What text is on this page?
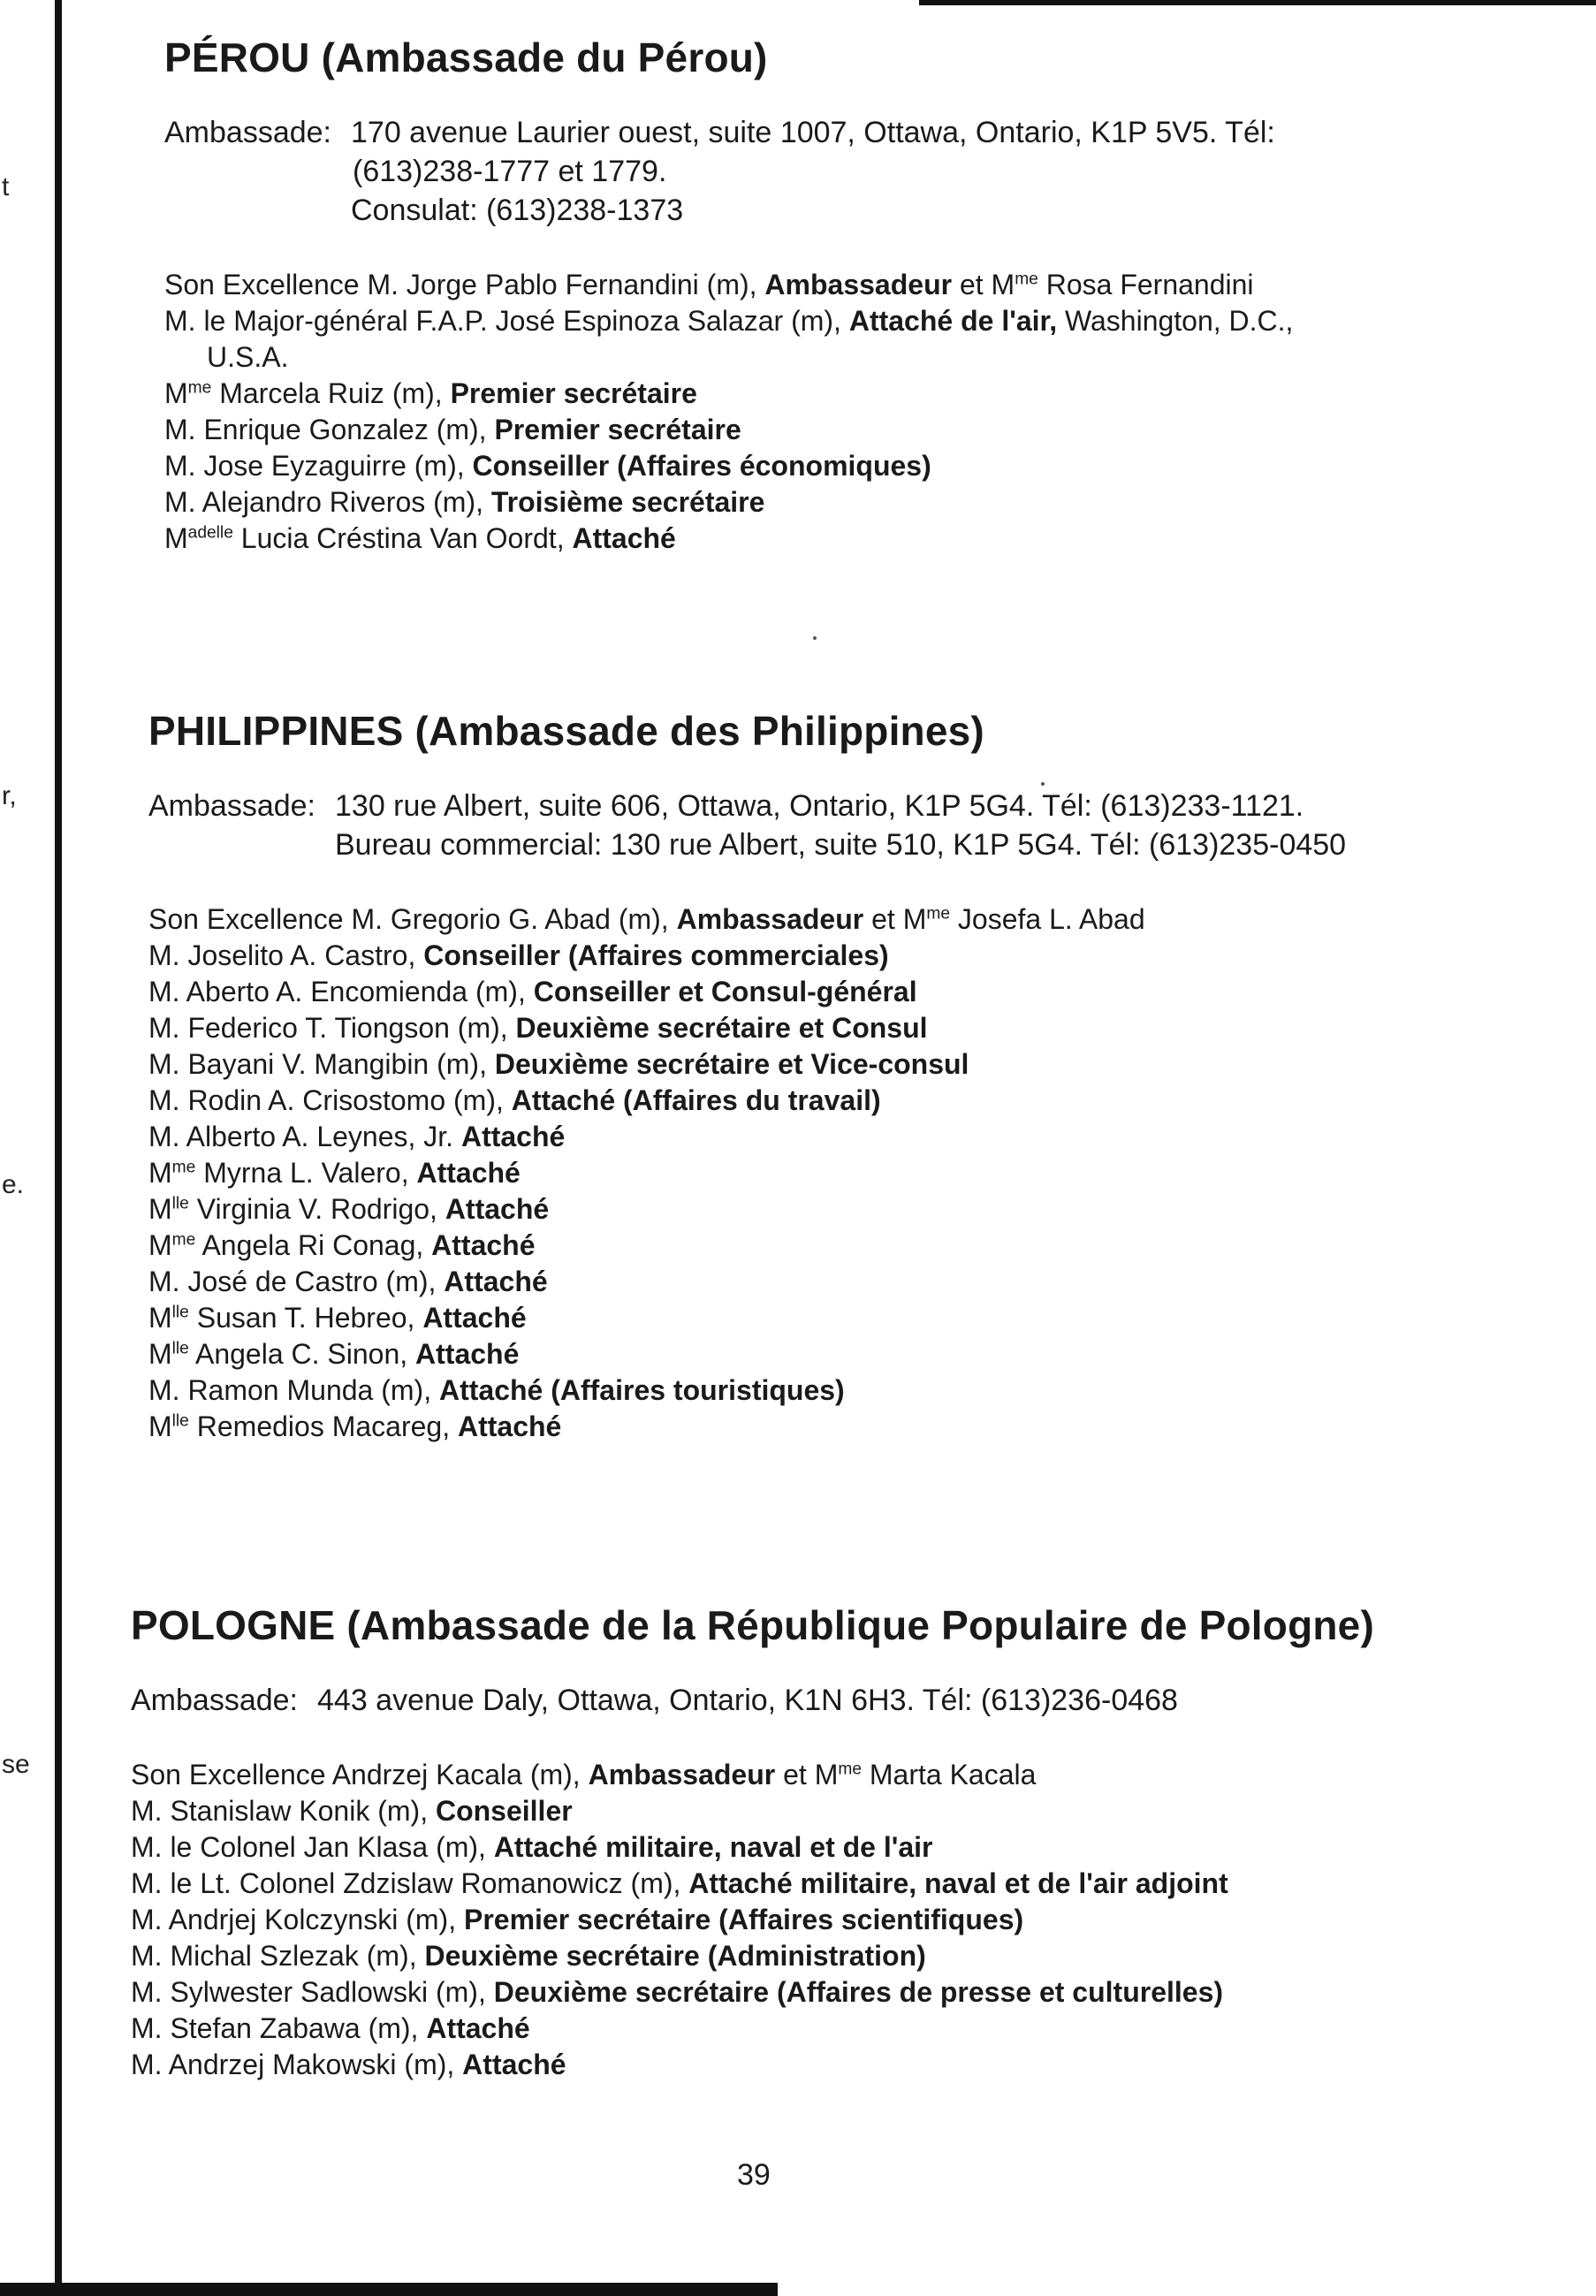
t
r,
e.
se
PÉROU (Ambassade du Pérou)
Ambassade: 170 avenue Laurier ouest, suite 1007, Ottawa, Ontario, K1P 5V5. Tél:
(613)238-1777 et 1779.
Consulat: (613)238-1373
Son Excellence M. Jorge Pablo Fernandini (m), Ambassadeur et $M^{me}$ Rosa Fernandini
M. le Major-général F.A.P. José Espinoza Salazar (m), Attaché de l'air, Washington, D.C.,
U.S.A.
$M^{me}$ Marcela Ruiz (m), Premier secrétaire
M. Enrique Gonzalez (m), Premier secrétaire
M. Jose Eyzaguirre (m), Conseiller (Affaires économiques)
M. Alejandro Riveros (m), Troisième secrétaire
$M^{adelle}$ Lucia Créstina Van Oordt, Attaché
PHILIPPINES (Ambassade des Philippines)
Ambassade: 130 rue Albert, suite 606, Ottawa, Ontario, K1P 5G4. Tél: (613)233-1121.
Bureau commercial: 130 rue Albert, suite 510, K1P 5G4. Tél: (613)235-0450
Son Excellence M. Gregorio G. Abad (m), Ambassadeur et $M^{me}$ Josefa L. Abad
M. Joselito A. Castro, Conseiller (Affaires commerciales)
M. Aberto A. Encomienda (m), Conseiller et Consul-général
M. Federico T. Tiongson (m), Deuxième secrétaire et Consul
M. Bayani V. Mangibin (m), Deuxième secrétaire et Vice-consul
M. Rodin A. Crisostomo (m), Attaché (Affaires du travail)
M. Alberto A. Leynes, Jr. Attaché
$M^{me}$ Myrna L. Valero, Attaché
$M^{lle}$ Virginia V. Rodrigo, Attaché
$M^{me}$ Angela Ri Conag, Attaché
M. José de Castro (m), Attaché
$M^{lle}$ Susan T. Hebreo, Attaché
$M^{lle}$ Angela C. Sinon, Attaché
M. Ramon Munda (m), Attaché (Affaires touristiques)
$M^{lle}$ Remedios Macareg, Attaché
POLOGNE (Ambassade de la République Populaire de Pologne)
Ambassade: 443 avenue Daly, Ottawa, Ontario, K1N 6H3. Tél: (613)236-0468
Son Excellence Andrzej Kacala (m), Ambassadeur et $M^{me}$ Marta Kacala
M. Stanislaw Konik (m), Conseiller
M. le Colonel Jan Klasa (m), Attaché militaire, naval et de l'air
M. le Lt. Colonel Zdzislaw Romanowicz (m), Attaché militaire, naval et de l'air adjoint
M. Andrjej Kolczynski (m), Premier secrétaire (Affaires scientifiques)
M. Michal Szlezak (m), Deuxième secrétaire (Administration)
M. Sylwester Sadlowski (m), Deuxième secrétaire (Affaires de presse et culturelles)
M. Stefan Zabawa (m), Attaché
M. Andrzej Makowski (m), Attaché
39
